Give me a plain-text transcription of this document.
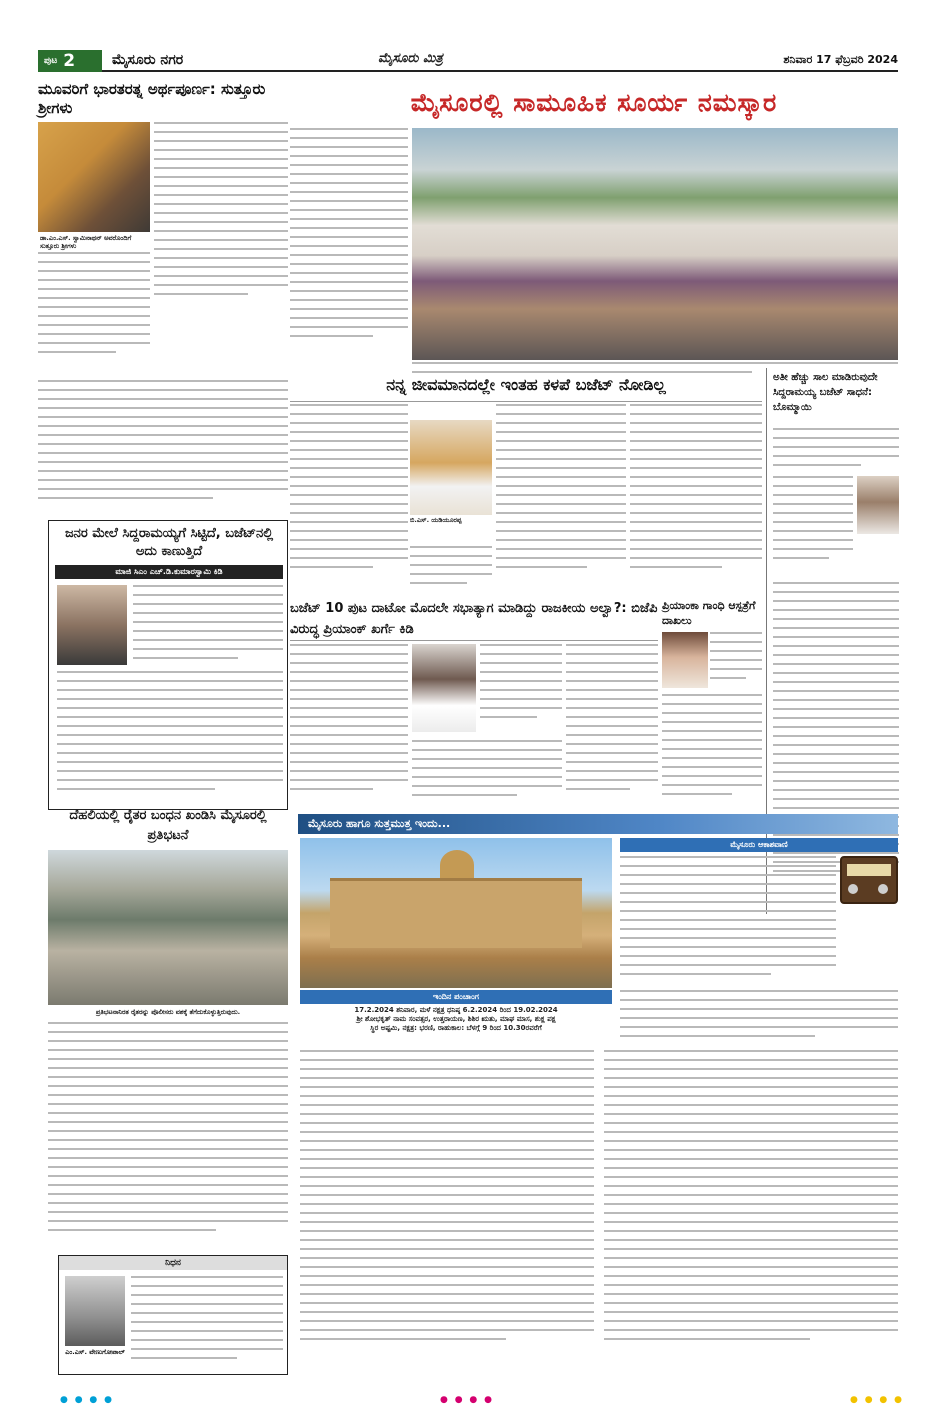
ಪುಟ 2	ಮೈಸೂರು ನಗರ	ಮೈಸೂರು ಮಿತ್ರ	ಶನಿವಾರ 17 ಫೆಬ್ರವರಿ 2024
ಮೂವರಿಗೆ ಭಾರತರತ್ನ ಅರ್ಥಪೂರ್ಣ: ಸುತ್ತೂರು ಶ್ರೀಗಳು
ಡಾ.ಎಂ.ಎಸ್. ಸ್ವಾಮಿನಾಥನ್ ಅವರೊಂದಿಗೆ ಸುತ್ತೂರು ಶ್ರೀಗಳು
ಜನರ ಮೇಲೆ ಸಿದ್ದರಾಮಯ್ಯಗೆ ಸಿಟ್ಟಿದೆ, ಬಜೆಟ್‌ನಲ್ಲಿ ಅದು ಕಾಣುತ್ತಿದೆ
ಮಾಜಿ ಸಿಎಂ ಎಚ್.ಡಿ.ಕುಮಾರಸ್ವಾಮಿ ಕಿಡಿ
ದೆಹಲಿಯಲ್ಲಿ ರೈತರ ಬಂಧನ ಖಂಡಿಸಿ ಮೈಸೂರಲ್ಲಿ ಪ್ರತಿಭಟನೆ
ಪ್ರತಿಭಟನಾನಿರತ ರೈತರನ್ನು ಪೊಲೀಸರು ವಶಕ್ಕೆ ತೆಗೆದುಕೊಳ್ಳುತ್ತಿರುವುದು.
ನಿಧನ
ಎಂ.ಎಸ್. ವೇಣುಗೋಪಾಲ್
ಮೈಸೂರಲ್ಲಿ ಸಾಮೂಹಿಕ ಸೂರ್ಯ ನಮಸ್ಕಾರ
ನನ್ನ ಜೀವಮಾನದಲ್ಲೇ ಇಂತಹ ಕಳಪೆ ಬಜೆಟ್ ನೋಡಿಲ್ಲ
ಬಿ.ಎಸ್. ಯಡಿಯೂರಪ್ಪ
ಅತೀ ಹೆಚ್ಚು ಸಾಲ ಮಾಡಿರುವುದೇ ಸಿದ್ದರಾಮಯ್ಯ ಬಜೆಟ್ ಸಾಧನೆ: ಬೊಮ್ಮಾಯಿ
ಬಜೆಟ್ 10 ಪುಟ ದಾಟೋ ಮೊದಲೇ ಸಭಾತ್ಯಾಗ ಮಾಡಿದ್ದು ರಾಜಕೀಯ ಅಲ್ವಾ?: ಬಿಜೆಪಿ ವಿರುದ್ಧ ಪ್ರಿಯಾಂಕ್ ಖರ್ಗೆ ಕಿಡಿ
ಪ್ರಿಯಾಂಕಾ ಗಾಂಧಿ ಆಸ್ಪತ್ರೆಗೆ ದಾಖಲು
ಮೈಸೂರು ಹಾಗೂ ಸುತ್ತಮುತ್ತ ಇಂದು...
ಇಂದಿನ ಪಂಚಾಂಗ
17.2.2024 ಶನಿವಾರ, ಮಳೆ ನಕ್ಷತ್ರ ಧನಿಷ್ಠ 6.2.2024 ರಿಂದ 19.02.2024
ಶ್ರೀ ಶೋಭಕೃತ್ ನಾಮ ಸಂವತ್ಸರ, ಉತ್ತರಾಯಣ, ಶಿಶಿರ ಋತು, ಮಾಘ ಮಾಸ, ಶುಕ್ಲ ಪಕ್ಷ
ಸ್ಥಿರ ಅಷ್ಟಮಿ, ನಕ್ಷತ್ರ: ಭರಣಿ, ರಾಹುಕಾಲ: ಬೆಳಗ್ಗೆ 9 ರಿಂದ 10.30ರವರೆಗೆ
ಮೈಸೂರು ಆಕಾಶವಾಣಿ
● ● ● ●	● ● ● ●	● ● ● ●
